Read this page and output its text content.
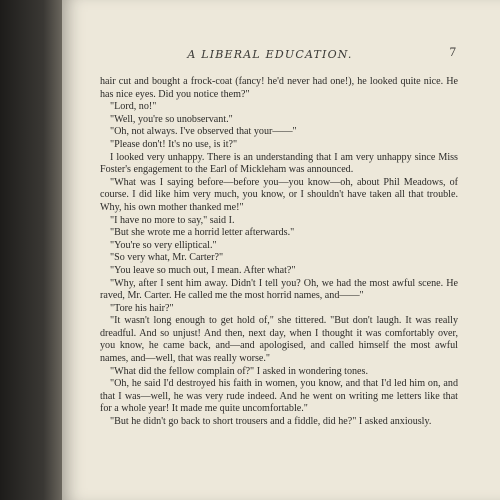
A LIBERAL EDUCATION.	7

hair cut and bought a frock-coat (fancy! he'd never had one!), he looked quite nice. He has nice eyes. Did you notice them?"

"Lord, no!"

"Well, you're so unobservant."

"Oh, not always. I've observed that your——"

"Please don't! It's no use, is it?"

I looked very unhappy. There is an understanding that I am very unhappy since Miss Foster's engagement to the Earl of Mickleham was announced.

"What was I saying before—before you—you know—oh, about Phil Meadows, of course. I did like him very much, you know, or I shouldn't have taken all that trouble. Why, his own mother thanked me!"

"I have no more to say," said I.

"But she wrote me a horrid letter afterwards."

"You're so very elliptical."

"So very what, Mr. Carter?"

"You leave so much out, I mean. After what?"

"Why, after I sent him away. Didn't I tell you? Oh, we had the most awful scene. He raved, Mr. Carter. He called me the most horrid names, and——"

"Tore his hair?"

"It wasn't long enough to get hold of," she tittered. "But don't laugh. It was really dreadful. And so unjust! And then, next day, when I thought it was comfortably over, you know, he came back, and—and apologised, and called himself the most awful names, and—well, that was really worse."

"What did the fellow complain of?" I asked in wondering tones.

"Oh, he said I'd destroyed his faith in women, you know, and that I'd led him on, and that I was—well, he was very rude indeed. And he went on writing me letters like that for a whole year! It made me quite uncomfortable."

"But he didn't go back to short trousers and a fiddle, did he?" I asked anxiously.
